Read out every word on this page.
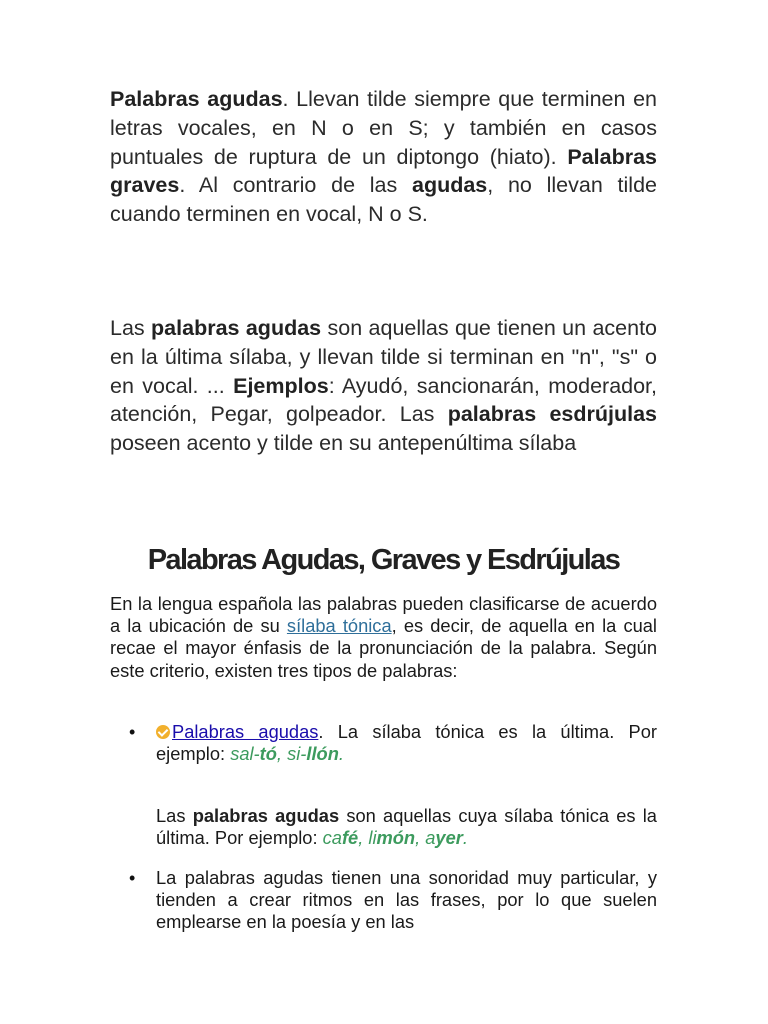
Palabras agudas. Llevan tilde siempre que terminen en letras vocales, en N o en S; y también en casos puntuales de ruptura de un diptongo (hiato). Palabras graves. Al contrario de las agudas, no llevan tilde cuando terminen en vocal, N o S.

Las palabras agudas son aquellas que tienen un acento en la última sílaba, y llevan tilde si terminan en "n", "s" o en vocal. ... Ejemplos: Ayudó, sancionarán, moderador, atención, Pegar, golpeador. Las palabras esdrújulas poseen acento y tilde en su antepenúltima sílaba

Palabras Agudas, Graves y Esdrújulas

En la lengua española las palabras pueden clasificarse de acuerdo a la ubicación de su sílaba tónica, es decir, de aquella en la cual recae el mayor énfasis de la pronunciación de la palabra. Según este criterio, existen tres tipos de palabras:

•	Palabras agudas. La sílaba tónica es la última. Por ejemplo: sal-tó, si-llón.
Las palabras agudas son aquellas cuya sílaba tónica es la última. Por ejemplo: café, limón, ayer.
• La palabras agudas tienen una sonoridad muy particular, y tienden a crear ritmos en las frases, por lo que suelen emplearse en la poesía y en las
